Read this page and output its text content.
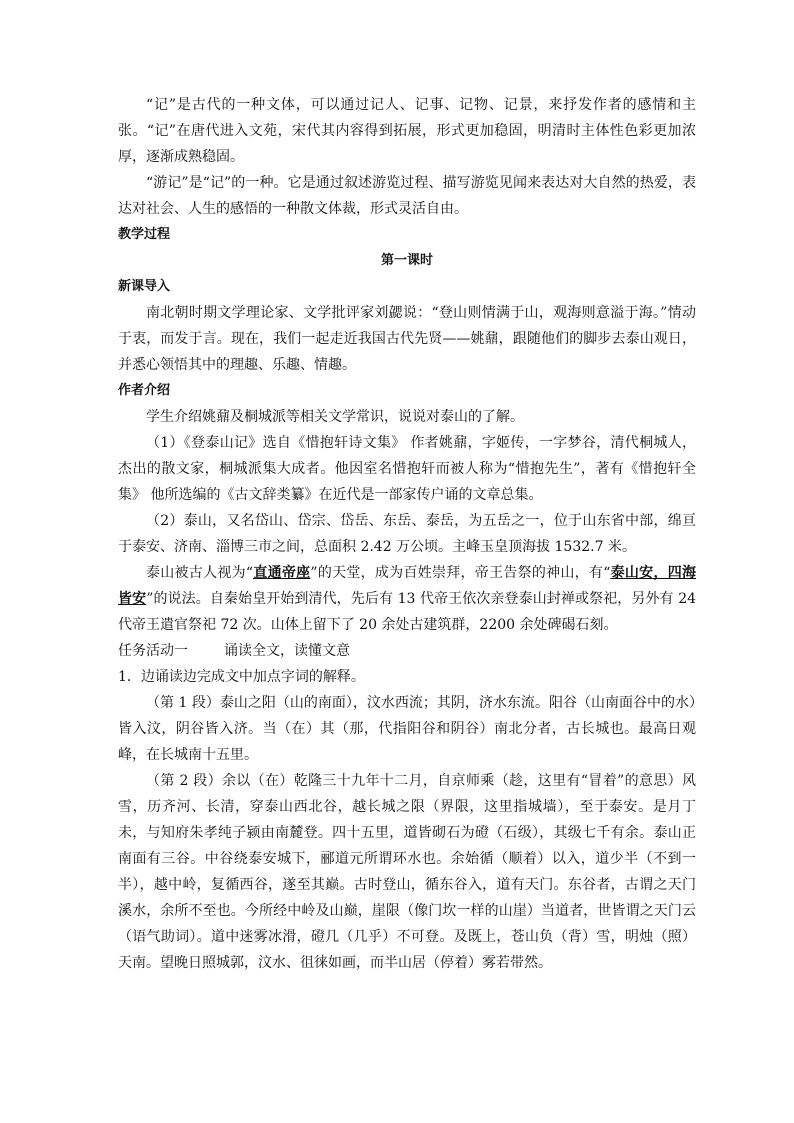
“记”是古代的一种文体，可以通过记人、记事、记物、记景，来抒发作者的感情和主张。“记”在唐代进入文苑，宋代其内容得到拓展，形式更加稳固，明清时主体性色彩更加浓厚，逐渐成熟稳固。

“游记”是“记”的一种。它是通过叙述游览过程、描写游览见闻来表达对大自然的热爱，表达对社会、人生的感悟的一种散文体裁，形式灵活自由。

教学过程

第一课时

新课导入

南北朝时期文学理论家、文学批评家刘勰说：“登山则情满于山，观海则意溢于海。”情动于衷，而发于言。现在，我们一起走近我国古代先贤——姚鼐，跟随他们的脚步去泰山观日，并悉心领悟其中的理趣、乐趣、情趣。

作者介绍

学生介绍姚鼐及桐城派等相关文学常识，说说对泰山的了解。

（1）《登泰山记》选自《惜抱轩诗文集》 作者姚鼐，字姬传，一字梦谷，清代桐城人，杰出的散文家，桐城派集大成者。他因室名惜抱轩而被人称为“惜抱先生”，著有《惜抱轩全集》 他所选编的《古文辞类纂》在近代是一部家传户诵的文章总集。

（2）泰山，又名岱山、岱宗、岱岳、东岳、泰岳，为五岳之一，位于山东省中部，绵亘于泰安、济南、淄博三市之间，总面积 2.42 万公顷。主峰玉皇顶海拔 1532.7 米。

泰山被古人视为“直通帝座”的天堂，成为百姓崇拜，帝王告祭的神山，有“泰山安，四海皆安”的说法。自秦始皇开始到清代，先后有 13 代帝王依次亲登泰山封禅或祭祀，另外有 24 代帝王遣官祭祀 72 次。山体上留下了 20 余处古建筑群，2200 余处碑碣石刻。

任务活动一	诵读全文，读懂文意

1．边诵读边完成文中加点字词的解释。

（第 1 段）泰山之阳（山的南面），汶水西流；其阴，济水东流。阳谷（山南面谷中的水）皆入汶，阴谷皆入济。当（在）其（那，代指阳谷和阴谷）南北分者，古长城也。最高日观峰，在长城南十五里。

（第 2 段）余以（在）乾隆三十九年十二月，自京师乘（趁，这里有“冒着”的意思）风雪，历齐河、长清，穿泰山西北谷，越长城之限（界限，这里指城墙），至于泰安。是月丁未，与知府朱孝纯子颍由南麓登。四十五里，道皆砌石为磴（石级），其级七千有余。泰山正南面有三谷。中谷绕泰安城下，郦道元所谓环水也。余始循（顺着）以入，道少半（不到一半），越中岭，复循西谷，遂至其巅。古时登山，循东谷入，道有天门。东谷者，古谓之天门溪水，余所不至也。今所经中岭及山巅，崖限（像门坎一样的山崖）当道者，世皆谓之天门云（语气助词）。道中迷雾冰滑，磴几（几乎）不可登。及既上，苍山负（背）雪，明烛（照）天南。望晚日照城郭，汶水、徂徕如画，而半山居（停着）雾若带然。
